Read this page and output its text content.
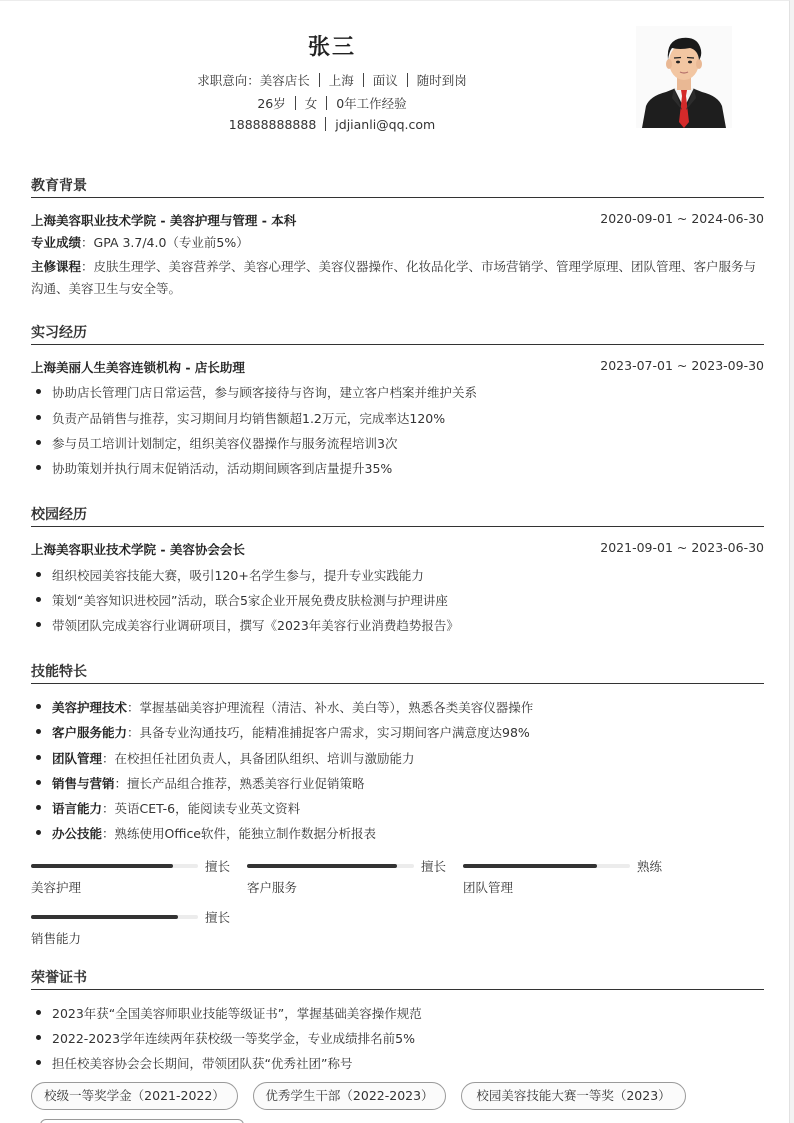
张三
求职意向：美容店长 上海 面议 随时到岗
26岁 女 0年工作经验
18888888888 jdjianli@qq.com
教育背景
上海美容职业技术学院 - 美容护理与管理 - 本科	2020-09-01 ~ 2024-06-30
专业成绩：GPA 3.7/4.0（专业前5%）
主修课程：皮肤生理学、美容营养学、美容心理学、美容仪器操作、化妆品化学、市场营销学、管理学原理、团队管理、客户服务与沟通、美容卫生与安全等。
实习经历
上海美丽人生美容连锁机构 - 店长助理	2023-07-01 ~ 2023-09-30
协助店长管理门店日常运营，参与顾客接待与咨询，建立客户档案并维护关系
负责产品销售与推荐，实习期间月均销售额超1.2万元，完成率达120%
参与员工培训计划制定，组织美容仪器操作与服务流程培训3次
协助策划并执行周末促销活动，活动期间顾客到店量提升35%
校园经历
上海美容职业技术学院 - 美容协会会长	2021-09-01 ~ 2023-06-30
组织校园美容技能大赛，吸引120+名学生参与，提升专业实践能力
策划“美容知识进校园”活动，联合5家企业开展免费皮肤检测与护理讲座
带领团队完成美容行业调研项目，撰写《2023年美容行业消费趋势报告》
技能特长
美容护理技术：掌握基础美容护理流程（清洁、补水、美白等），熟悉各类美容仪器操作
客户服务能力：具备专业沟通技巧，能精准捕捉客户需求，实习期间客户满意度达98%
团队管理：在校担任社团负责人，具备团队组织、培训与激励能力
销售与营销：擅长产品组合推荐，熟悉美容行业促销策略
语言能力：英语CET-6，能阅读专业英文资料
办公技能：熟练使用Office软件，能独立制作数据分析报表
擅长
美容护理
擅长
客户服务
熟练
团队管理
擅长
销售能力
荣誉证书
2023年获“全国美容师职业技能等级证书”，掌握基础美容操作规范
2022-2023学年连续两年获校级一等奖学金，专业成绩排名前5%
担任校美容协会会长期间，带领团队获“优秀社团”称号
校级一等奖学金（2021-2022）	优秀学生干部（2022-2023）	校园美容技能大赛一等奖（2023）
